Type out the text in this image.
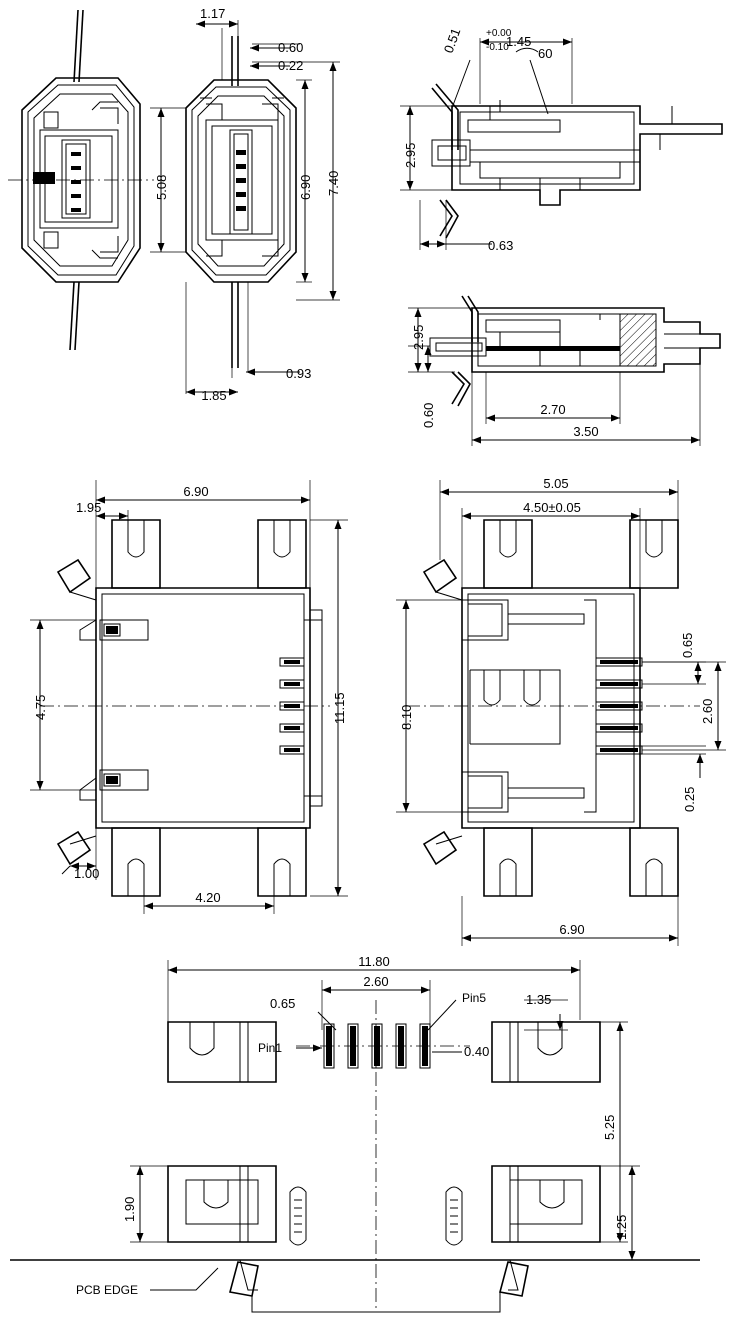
1.17
0.60
0.22
5.08	6.90 7.40
0.93
1.85
60
1.45
0.51 +0.00
-0.10
2.95
0.63
2.95
0.60	2.70
3.50
6.90
1.95
4.75	11.15
1.00
4.20
5.05
4.50±0.05
8.10
0.65
2.60
0.25
6.90
11.80
2.60
0.65	1.35
Pin5
Pin1	0.40
PCB EDGE
5.25
1.25
1.90
